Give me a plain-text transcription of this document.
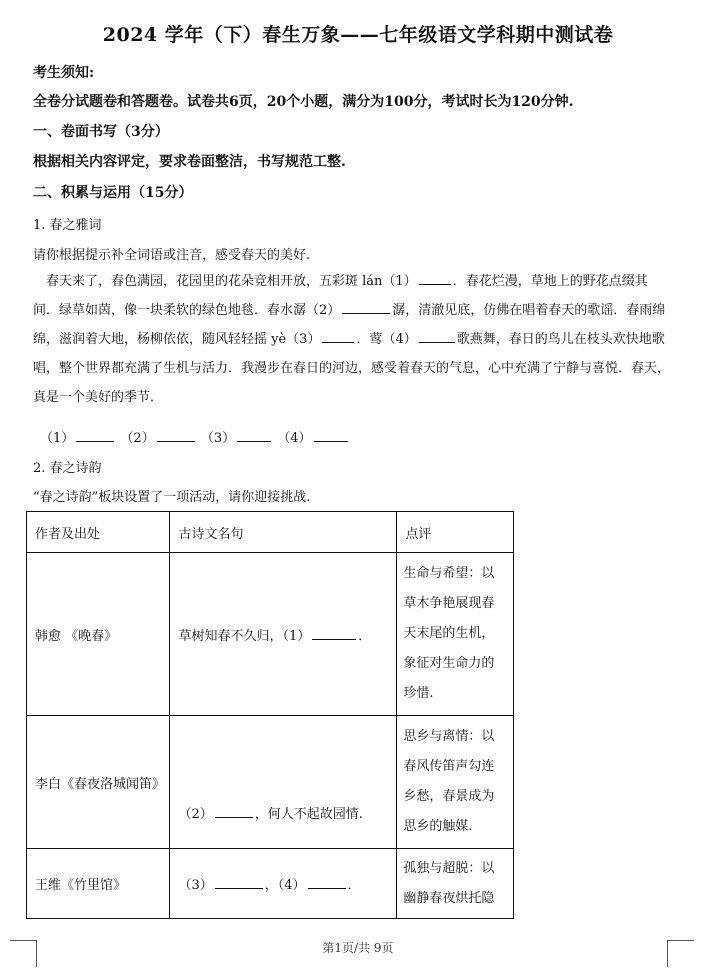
2024 学年（下）春生万象——七年级语文学科期中测试卷
考生须知:
全卷分试题卷和答题卷。试卷共6页，20个小题，满分为100分，考试时长为120分钟.
一、卷面书写（3分）
根据相关内容评定，要求卷面整洁，书写规范工整.
二、积累与运用（15分）
1. 春之雅词
请你根据提示补全词语或注音，感受春天的美好.
春天来了，春色满园，花园里的花朵竞相开放，五彩斑 lán（1）	．春花烂漫，草地上的野花点缀其间．绿草如茵，像一块柔软的绿色地毯．春水潺（2）	潺，清澈见底，仿佛在唱着春天的歌谣．春雨绵绵，滋润着大地，杨柳依依，随风轻轻摇 yè（3）	．莺（4）	歌燕舞，春日的鸟儿在枝头欢快地歌唱，整个世界都充满了生机与活力．我漫步在春日的河边，感受着春天的气息，心中充满了宁静与喜悦．春天，真是一个美好的季节．
（1）	（2）	（3）	（4）
2. 春之诗韵
“春之诗韵”板块设置了一项活动，请你迎接挑战.
作者及出处	古诗文名句	点评
韩愈 《晚春》	草树知春不久归，（1） ．	生命与希望：以草木争艳展现春天末尾的生机，象征对生命力的珍惜.
李白《春夜洛城闻笛》	（2） ，何人不起故园情.	思乡与离情：以春风传笛声勾连乡愁，春景成为思乡的触媒.
王维《竹里馆》	（3） ，（4） ．	孤独与超脱：以幽静春夜烘托隐
第1页/共 9页
